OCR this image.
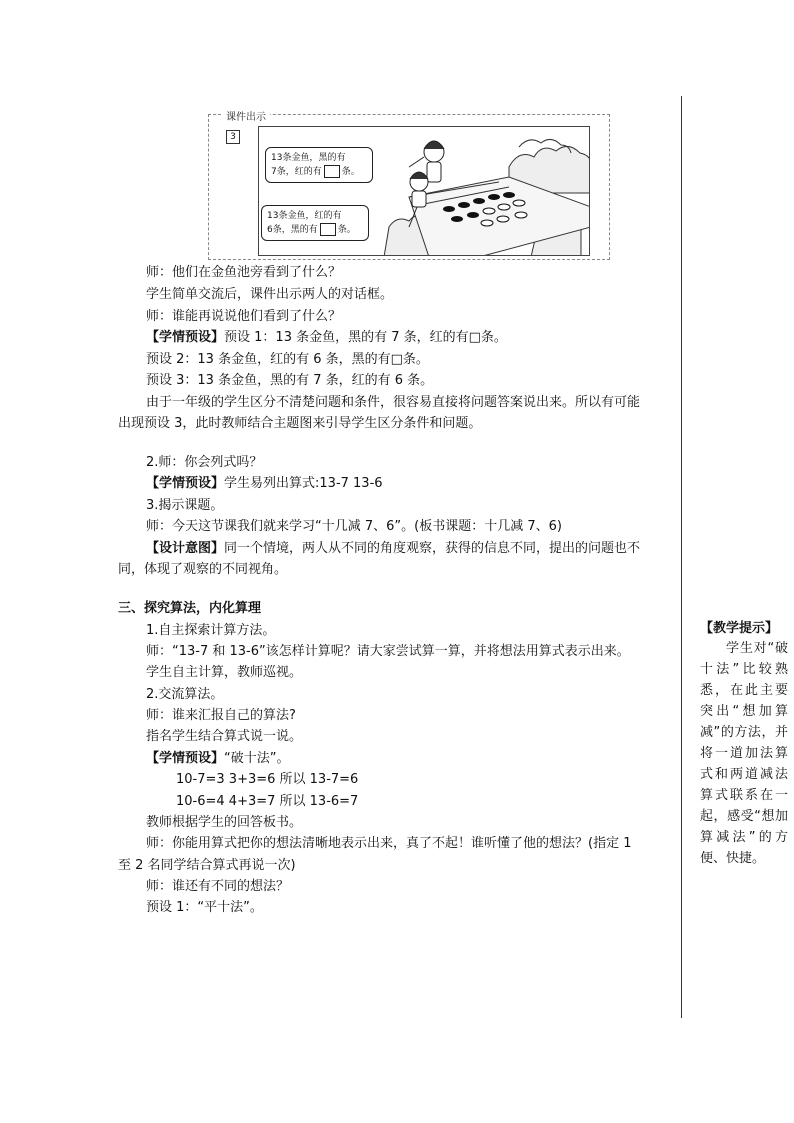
课件出示
3
13条金鱼，黑的有
7条，红的有 条。
13条金鱼，红的有
6条，黑的有 条。
师：他们在金鱼池旁看到了什么？
学生简单交流后，课件出示两人的对话框。
师：谁能再说说他们看到了什么？
【学情预设】预设 1：13 条金鱼，黑的有 7 条，红的有□条。
预设 2：13 条金鱼，红的有 6 条，黑的有□条。
预设 3：13 条金鱼，黑的有 7 条，红的有 6 条。
由于一年级的学生区分不清楚问题和条件，很容易直接将问题答案说出来。所以有可能
出现预设 3，此时教师结合主题图来引导学生区分条件和问题。
2.师：你会列式吗？
【学情预设】学生易列出算式:13-7 13-6
3.揭示课题。
师：今天这节课我们就来学习“十几减 7、6”。(板书课题：十几减 7、6)
【设计意图】同一个情境，两人从不同的角度观察，获得的信息不同，提出的问题也不
同，体现了观察的不同视角。
三、探究算法，内化算理
1.自主探索计算方法。
师：“13-7 和 13-6”该怎样计算呢？请大家尝试算一算，并将想法用算式表示出来。
学生自主计算，教师巡视。
2.交流算法。
师：谁来汇报自己的算法?
指名学生结合算式说一说。
【学情预设】“破十法”。
10-7=3 3+3=6 所以 13-7=6
10-6=4 4+3=7 所以 13-6=7
教师根据学生的回答板书。
师：你能用算式把你的想法清晰地表示出来，真了不起！谁听懂了他的想法？(指定 1
至 2 名同学结合算式再说一次)
师：谁还有不同的想法？
预设 1：“平十法”。
【教学提示】
学生对“破十法”比较熟悉，在此主要突出“想加算减”的方法，并将一道加法算式和两道减法算式联系在一起，感受“想加算减法”的方便、快捷。
